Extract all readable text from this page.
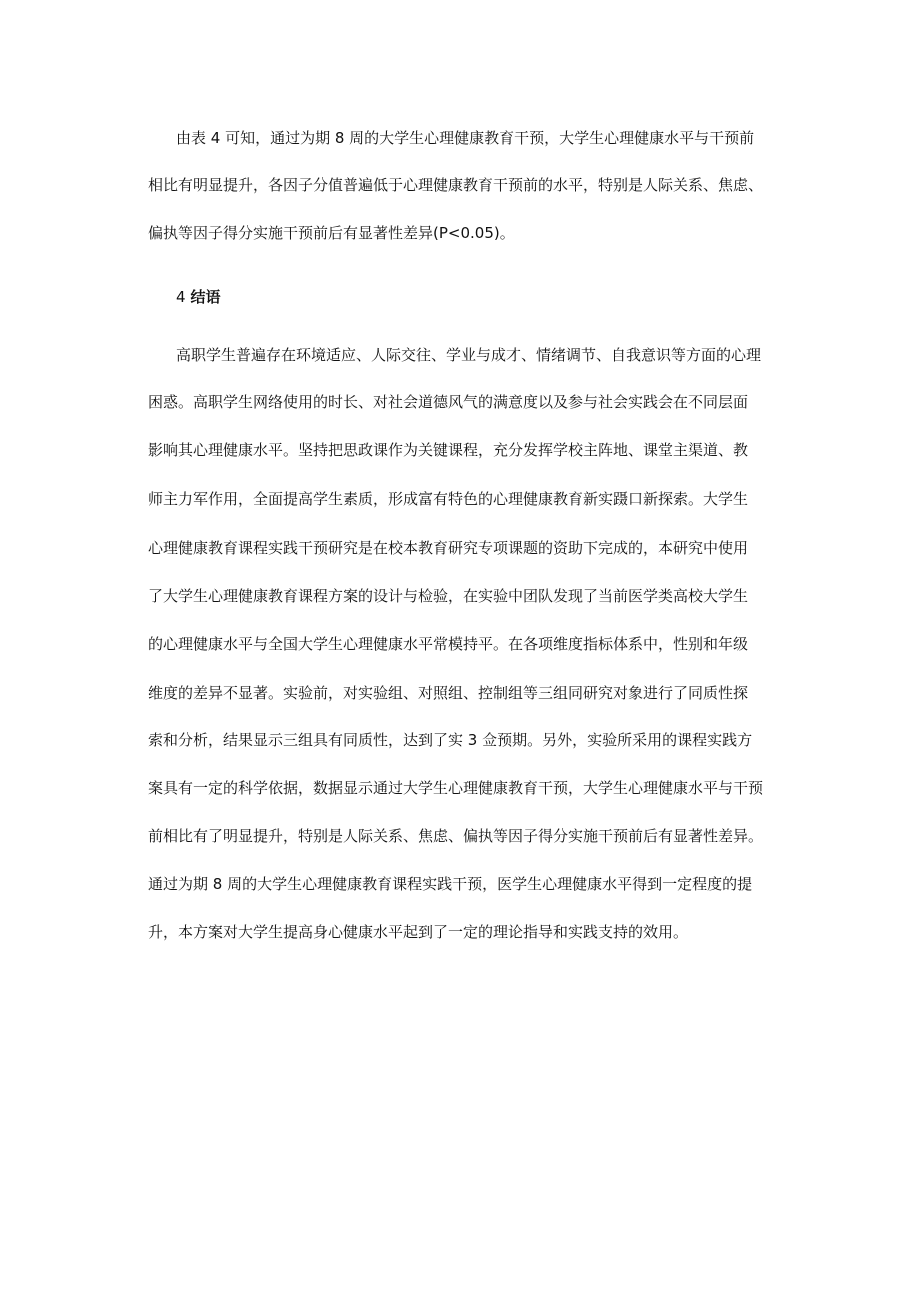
由表 4 可知，通过为期 8 周的大学生心理健康教育干预，大学生心理健康水平与干预前
相比有明显提升，各因子分值普遍低于心理健康教育干预前的水平，特别是人际关系、焦虑、
偏执等因子得分实施干预前后有显著性差异(P<0.05)。
4 结语
高职学生普遍存在环境适应、人际交往、学业与成才、情绪调节、自我意识等方面的心理
困惑。高职学生网络使用的时长、对社会道德风气的满意度以及参与社会实践会在不同层面
影响其心理健康水平。坚持把思政课作为关键课程，充分发挥学校主阵地、课堂主渠道、教
师主力军作用，全面提高学生素质，形成富有特色的心理健康教育新实蹑口新探索。大学生
心理健康教育课程实践干预研究是在校本教育研究专项课题的资助下完成的，本研究中使用
了大学生心理健康教育课程方案的设计与检验，在实验中团队发现了当前医学类高校大学生
的心理健康水平与全国大学生心理健康水平常模持平。在各项维度指标体系中，性别和年级
维度的差异不显著。实验前，对实验组、对照组、控制组等三组同研究对象进行了同质性探
索和分析，结果显示三组具有同质性，达到了实 3 佥预期。另外，实验所采用的课程实践方
案具有一定的科学依据，数据显示通过大学生心理健康教育干预，大学生心理健康水平与干预
前相比有了明显提升，特别是人际关系、焦虑、偏执等因子得分实施干预前后有显著性差异。
通过为期 8 周的大学生心理健康教育课程实践干预，医学生心理健康水平得到一定程度的提
升，本方案对大学生提高身心健康水平起到了一定的理论指导和实践支持的效用。
